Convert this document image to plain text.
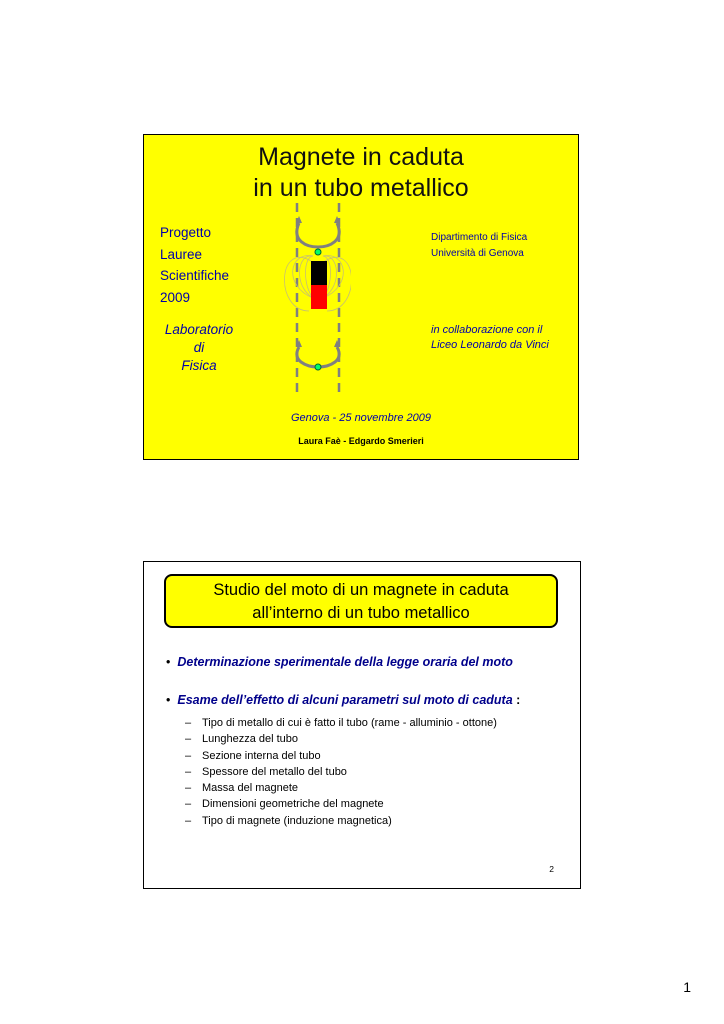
Magnete in caduta
in un tubo metallico
Progetto
Lauree
Scientifiche
2009
Laboratorio
di
Fisica
Dipartimento di Fisica
Università di Genova
in collaborazione con il
Liceo Leonardo da Vinci
Genova - 25 novembre 2009
Laura Faè - Edgardo Smerieri
Studio del moto di un magnete in caduta
all’interno di un tubo metallico
• Determinazione sperimentale della legge oraria del moto
• Esame dell’effetto di alcuni parametri sul moto di caduta :
– Tipo di metallo di cui è fatto il tubo (rame - alluminio - ottone)
– Lunghezza del tubo
– Sezione interna del tubo
– Spessore del metallo del tubo
– Massa del magnete
– Dimensioni geometriche del magnete
– Tipo di magnete (induzione magnetica)
2
1
